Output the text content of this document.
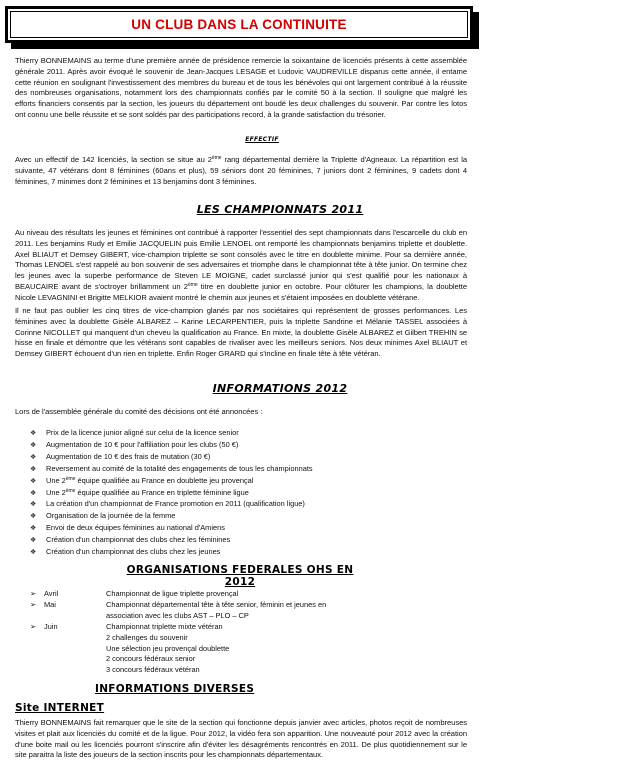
UN CLUB DANS LA CONTINUITE
Thierry BONNEMAINS au terme d'une première année de présidence remercie la soixantaine de licenciés présents à cette assemblée générale 2011. Après avoir évoqué le souvenir de Jean-Jacques LESAGE et Ludovic VAUDREVILLE disparus cette année, il entame cette réunion en soulignant l'investissement des membres du bureau et de tous les bénévoles qui ont largement contribué à la réussite des nombreuses organisations, notamment lors des championnats confiés par le comité 50 à la section. Il souligne que malgré les efforts financiers consentis par la section, les joueurs du département ont boudé les deux challenges du souvenir. Par contre les lotos ont connu une belle réussite et se sont soldés par des participations record, à la grande satisfaction du trésorier.
EFFECTIF
Avec un effectif de 142 licenciés, la section se situe au 2ème rang départemental derrière la Triplette d'Agneaux. La répartition est la suivante, 47 vétérans dont 8 féminines (60ans et plus), 59 séniors dont 20 féminines, 7 juniors dont 2 féminines, 9 cadets dont 4 féminines, 7 minimes dont 2 féminines et 13 benjamins dont 3 féminines.
LES CHAMPIONNATS 2011
Au niveau des résultats les jeunes et féminines ont contribué à rapporter l'essentiel des sept championnats dans l'escarcelle du club en 2011. Les benjamins Rudy et Emilie JACQUELIN puis Emilie LENOEL ont remporté les championnats benjamins triplette et doublette. Axel BLIAUT et Demsey GIBERT, vice-champion triplette se sont consolés avec le titre en doublette minime. Pour sa dernière année, Thomas LENOEL s'est rappelé au bon souvenir de ses adversaires et triomphe dans le championnat tête à tête junior. On termine chez les jeunes avec la superbe performance de Steven LE MOIGNE, cadet surclassé junior qui s'est qualifié pour les nationaux à BEAUCAIRE avant de s'octroyer brillamment un 2ème titre en doublette junior en octobre. Pour clôturer les champions, la doublette Nicole LEVAGNINI et Brigitte MELKIOR avaient montré le chemin aux jeunes et s'étaient imposées en doublette vétérane.
Il ne faut pas oublier les cinq titres de vice-champion glanés par nos sociétaires qui représentent de grosses performances. Les féminines avec la doublette Gisèle ALBAREZ – Karine LECARPENTIER, puis la triplette Sandrine et Mélanie TASSEL associées à Corinne NICOLLET qui manquent d'un cheveu la qualification au France. En mixte, la doublette Gisèle ALBAREZ et Gilbert TREHIN se hisse en finale et démontre que les vétérans sont capables de rivaliser avec les meilleurs seniors. Nos deux minimes Axel BLIAUT et Demsey GIBERT échouent d'un rien en triplette. Enfin Roger GRARD qui s'incline en finale tête à tête vétéran.
INFORMATIONS 2012
Lors de l'assemblée générale du comité des décisions ont été annoncées :
❖	Prix de la licence junior aligné sur celui de la licence senior
❖	Augmentation de 10 € pour l'affiliation pour les clubs (50 €)
❖	Augmentation de 10 € des frais de mutation (30 €)
❖	Reversement au comité de la totalité des engagements de tous les championnats
❖	Une 2ème équipe qualifiée au France en doublette jeu provençal
❖	Une 2ème équipe qualifiée au France en triplette féminine ligue
❖	La création d'un championnat de France promotion en 2011 (qualification ligue)
❖	Organisation de la journée de la femme
❖	Envoi de deux équipes féminines au national d'Amiens
❖	Création d'un championnat des clubs chez les féminines
❖	Création d'un championnat des clubs chez les jeunes
ORGANISATIONS FEDERALES OHS EN 2012
➢	Avril	Championnat de ligue triplette provençal
➢	Mai	Championnat départemental tête à tête senior, féminin et jeunes en
association avec les clubs AST – PLO – CP
➢	Juin	Championnat triplette mixte vétéran
2 challenges du souvenir
Une sélection jeu provençal doublette
2 concours fédéraux senior
3 concours fédéraux vétéran
INFORMATIONS DIVERSES
Site INTERNET
Thierry BONNEMAINS fait remarquer que le site de la section qui fonctionne depuis janvier avec articles, photos reçoit de nombreuses visites et plait aux licenciés du comité et de la ligue. Pour 2012, la vidéo fera son apparition. Une nouveauté pour 2012 avec la création d'une boite mail ou les licenciés pourront s'inscrire afin d'éviter les désagréments rencontrés en 2011. De plus quotidiennement sur le site paraitra la liste des joueurs de la section inscrits pour les championnats départementaux.
